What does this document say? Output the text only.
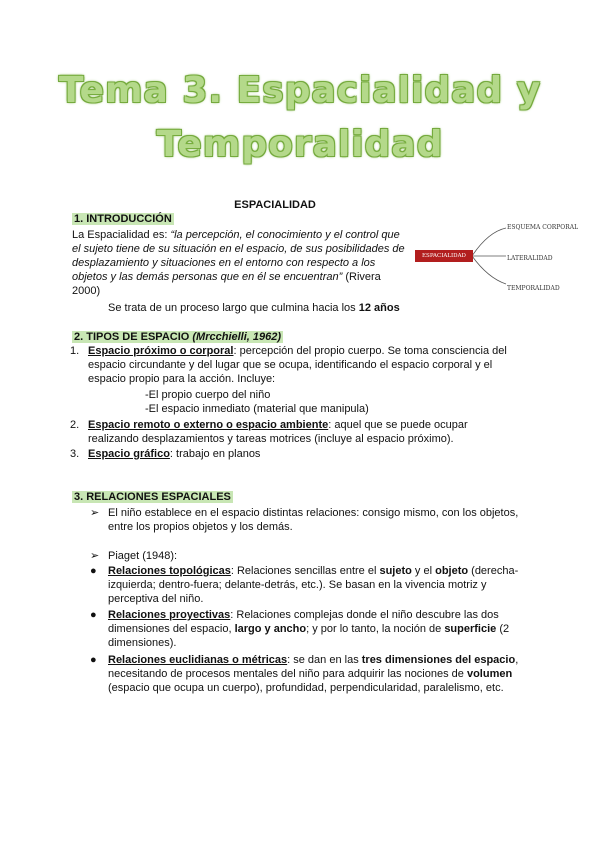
Tema 3. Espacialidad y
Temporalidad
ESPACIALIDAD
1. INTRODUCCIÓN
La Espacialidad es: “la percepción, el conocimiento y el control que el sujeto tiene de su situación en el espacio, de sus posibilidades de desplazamiento y situaciones en el entorno con respecto a los objetos y las demás personas que en él se encuentran” (Rivera 2000)
Se trata de un proceso largo que culmina hacia los 12 años
ESPACIALIDAD
ESQUEMA CORPORAL
LATERALIDAD
TEMPORALIDAD
2. TIPOS DE ESPACIO (Mrcchielli, 1962)
1. Espacio próximo o corporal: percepción del propio cuerpo. Se toma consciencia del espacio circundante y del lugar que se ocupa, identificando el espacio corporal y el espacio propio para la acción. Incluye:
-El propio cuerpo del niño
-El espacio inmediato (material que manipula)
2. Espacio remoto o externo o espacio ambiente: aquel que se puede ocupar realizando desplazamientos y tareas motrices (incluye al espacio próximo).
3. Espacio gráfico: trabajo en planos
3. RELACIONES ESPACIALES
➢ El niño establece en el espacio distintas relaciones: consigo mismo, con los objetos, entre los propios objetos y los demás.
➢ Piaget (1948):
● Relaciones topológicas: Relaciones sencillas entre el sujeto y el objeto (derecha-izquierda; dentro-fuera; delante-detrás, etc.). Se basan en la vivencia motriz y perceptiva del niño.
● Relaciones proyectivas: Relaciones complejas donde el niño descubre las dos dimensiones del espacio, largo y ancho; y por lo tanto, la noción de superficie (2 dimensiones).
● Relaciones euclidianas o métricas: se dan en las tres dimensiones del espacio, necesitando de procesos mentales del niño para adquirir las nociones de volumen (espacio que ocupa un cuerpo), profundidad, perpendicularidad, paralelismo, etc.
